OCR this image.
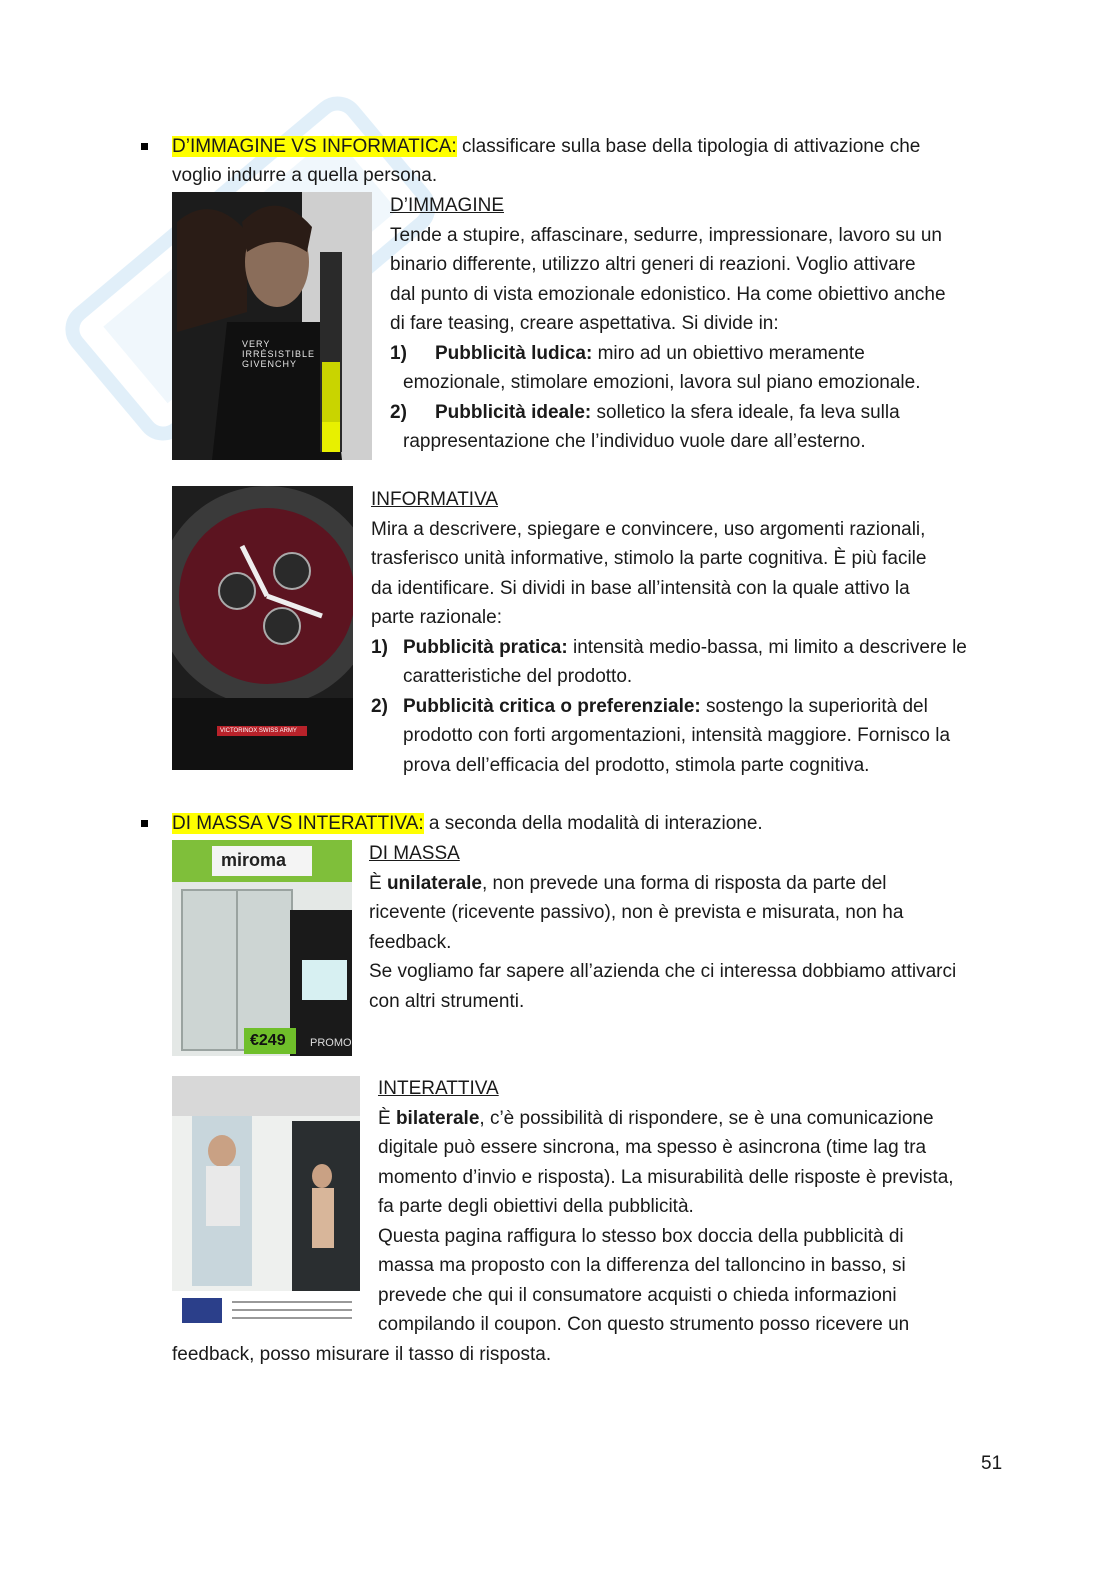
D’IMMAGINE VS INFORMATICA: classificare sulla base della tipologia di attivazione che
voglio indurre a quella persona.
VERY
IRRÉSISTIBLE
GIVENCHY
D’IMMAGINE
Tende a stupire, affascinare, sedurre, impressionare, lavoro su un
binario differente, utilizzo altri generi di reazioni. Voglio attivare
dal punto di vista emozionale edonistico. Ha come obiettivo anche
di fare teasing, creare aspettativa. Si divide in:
1) Pubblicità ludica: miro ad un obiettivo meramente
emozionale, stimolare emozioni, lavora sul piano emozionale.
2) Pubblicità ideale: solletico la sfera ideale, fa leva sulla
rappresentazione che l’individuo vuole dare all’esterno.
VICTORINOX SWISS ARMY
INFORMATIVA
Mira a descrivere, spiegare e convincere, uso argomenti razionali,
trasferisco unità informative, stimolo la parte cognitiva. È più facile
da identificare. Si dividi in base all’intensità con la quale attivo la
parte razionale:
1) Pubblicità pratica: intensità medio-bassa, mi limito a descrivere le
caratteristiche del prodotto.
2) Pubblicità critica o preferenziale: sostengo la superiorità del
prodotto con forti argomentazioni, intensità maggiore. Fornisco la
prova dell’efficacia del prodotto, stimola parte cognitiva.
DI MASSA VS INTERATTIVA: a seconda della modalità di interazione.
miroma
€249 PROMO
DI MASSA
È unilaterale, non prevede una forma di risposta da parte del
ricevente (ricevente passivo), non è prevista e misurata, non ha
feedback.
Se vogliamo far sapere all’azienda che ci interessa dobbiamo attivarci
con altri strumenti.
INTERATTIVA
È bilaterale, c’è possibilità di rispondere, se è una comunicazione
digitale può essere sincrona, ma spesso è asincrona (time lag tra
momento d’invio e risposta). La misurabilità delle risposte è prevista,
fa parte degli obiettivi della pubblicità.
Questa pagina raffigura lo stesso box doccia della pubblicità di
massa ma proposto con la differenza del talloncino in basso, si
prevede che qui il consumatore acquisti o chieda informazioni
compilando il coupon. Con questo strumento posso ricevere un
feedback, posso misurare il tasso di risposta.
51
